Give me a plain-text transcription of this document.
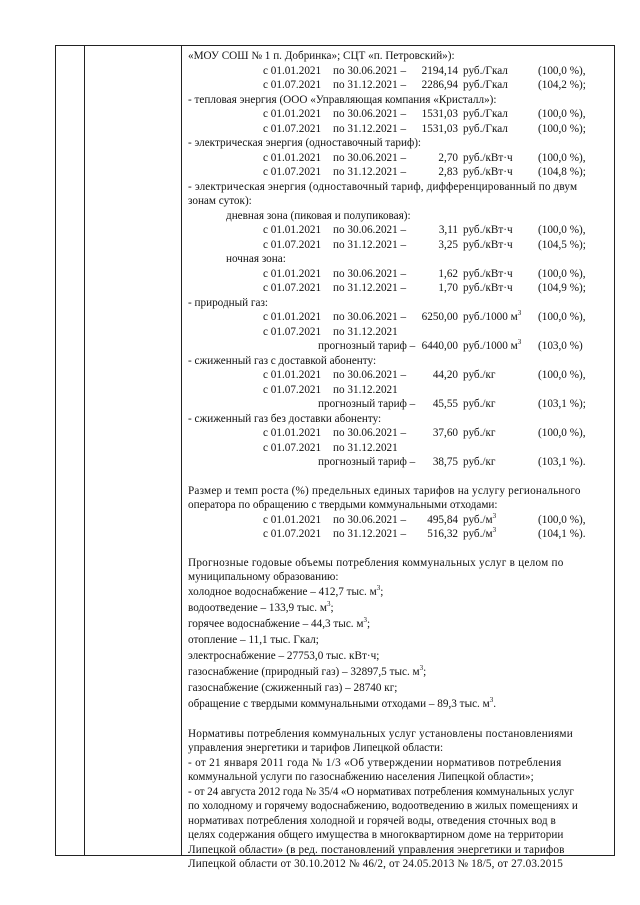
«МОУ СОШ № 1 п. Добринка»; СЦТ «п. Петровский»):
с 01.01.2021 по 30.06.2021 –	2194,14 руб./Гкал	(100,0 %),
с 01.07.2021 по 31.12.2021 –	2286,94 руб./Гкал	(104,2 %);
- тепловая энергия (ООО «Управляющая компания «Кристалл»):
с 01.01.2021 по 30.06.2021 –	1531,03 руб./Гкал	(100,0 %),
с 01.07.2021 по 31.12.2021 –	1531,03 руб./Гкал	(100,0 %);
- электрическая энергия (одноставочный тариф):
с 01.01.2021 по 30.06.2021 –	2,70 руб./кВт·ч (100,0 %),
с 01.07.2021 по 31.12.2021 –	2,83 руб./кВт·ч (104,8 %);
- электрическая энергия (одноставочный тариф, дифференцированный по двум
зонам суток):
дневная зона (пиковая и полупиковая):
с 01.01.2021 по 30.06.2021 –	3,11 руб./кВт·ч (100,0 %),
с 01.07.2021 по 31.12.2021 –	3,25 руб./кВт·ч (104,5 %);
ночная зона:
с 01.01.2021 по 30.06.2021 –	1,62 руб./кВт·ч (100,0 %),
с 01.07.2021 по 31.12.2021 –	1,70 руб./кВт·ч (104,9 %);
- природный газ:
с 01.01.2021 по 30.06.2021 –	6250,00 руб./1000 $м^3$ (100,0 %),
с 01.07.2021 по 31.12.2021
прогнозный тариф – 6440,00 руб./1000 $м^3$ (103,0 %)
- сжиженный газ с доставкой абоненту:
с 01.01.2021 по 30.06.2021 –	44,20 руб./кг	(100,0 %),
с 01.07.2021 по 31.12.2021
прогнозный тариф –	45,55 руб./кг	(103,1 %);
- сжиженный газ без доставки абоненту:
с 01.01.2021 по 30.06.2021 –	37,60 руб./кг	(100,0 %),
с 01.07.2021 по 31.12.2021
прогнозный тариф –	38,75 руб./кг	(103,1 %).
Размер и темп роста (%) предельных единых тарифов на услугу регионального
оператора по обращению с твердыми коммунальными отходами:
с 01.01.2021 по 30.06.2021 –	495,84 $руб./м^3$	(100,0 %),
с 01.07.2021 по 31.12.2021 –	516,32 $руб./м^3$	(104,1 %).
Прогнозные годовые объемы потребления коммунальных услуг в целом по
муниципальному образованию:
холодное водоснабжение – 412,7 тыс. $м^3$;
водоотведение – 133,9 тыс. $м^3$;
горячее водоснабжение – 44,3 тыс. $м^3$;
отопление – 11,1 тыс. Гкал;
электроснабжение – 27753,0 тыс. кВт·ч;
газоснабжение (природный газ) – 32897,5 тыс. $м^3$;
газоснабжение (сжиженный газ) – 28740 кг;
обращение с твердыми коммунальными отходами – 89,3 тыс. $м^3$.
Нормативы потребления коммунальных услуг установлены постановлениями
управления энергетики и тарифов Липецкой области:
- от 21 января 2011 года № 1/3 «Об утверждении нормативов потребления
коммунальной услуги по газоснабжению населения Липецкой области»;
- от 24 августа 2012 года № 35/4 «О нормативах потребления коммунальных услуг
по холодному и горячему водоснабжению, водоотведению в жилых помещениях и
нормативах потребления холодной и горячей воды, отведения сточных вод в
целях содержания общего имущества в многоквартирном доме на территории
Липецкой области» (в ред. постановлений управления энергетики и тарифов
Липецкой области от 30.10.2012 № 46/2, от 24.05.2013 № 18/5, от 27.03.2015
